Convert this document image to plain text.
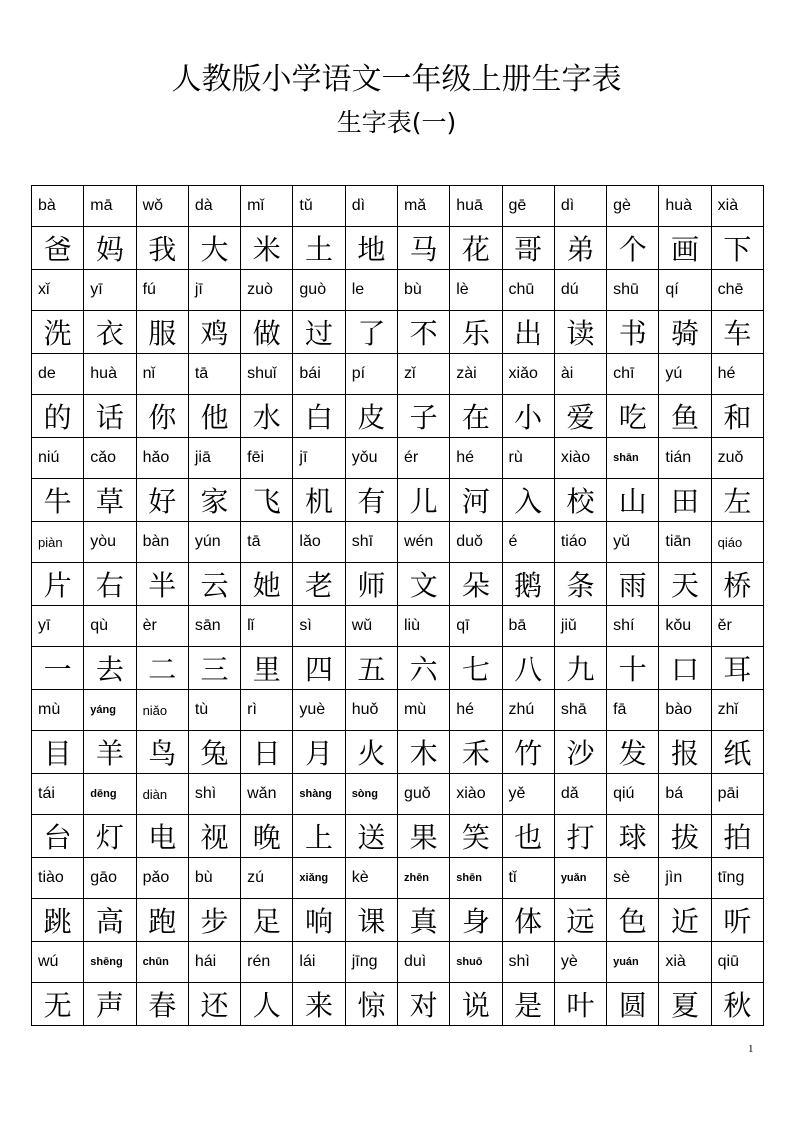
人教版小学语文一年级上册生字表
生字表(一)
bà	mā	wǒ	dà	mǐ	tǔ	dì	mǎ	huā	gē	dì	gè	huà	xià
爸	妈	我	大	米	土	地	马	花	哥	弟	个	画	下
xǐ	yī	fú	jī	zuò	guò	le	bù	lè	chū	dú	shū	qí	chē
洗	衣	服	鸡	做	过	了	不	乐	出	读	书	骑	车
de	huà	nǐ	tā	shuǐ	bái	pí	zǐ	zài	xiǎo	ài	chī	yú	hé
的	话	你	他	水	白	皮	子	在	小	爱	吃	鱼	和
niú	cǎo	hǎo	jiā	fēi	jī	yǒu	ér	hé	rù	xiào	shān	tián	zuǒ
牛	草	好	家	飞	机	有	儿	河	入	校	山	田	左
piàn	yòu	bàn	yún	tā	lǎo	shī	wén	duǒ	é	tiáo	yǔ	tiān	qiáo
片	右	半	云	她	老	师	文	朵	鹅	条	雨	天	桥
yī	qù	èr	sān	lǐ	sì	wǔ	liù	qī	bā	jiǔ	shí	kǒu	ěr
一	去	二	三	里	四	五	六	七	八	九	十	口	耳
mù	yáng	niǎo	tù	rì	yuè	huǒ	mù	hé	zhú	shā	fā	bào	zhǐ
目	羊	鸟	兔	日	月	火	木	禾	竹	沙	发	报	纸
tái	dēng	diàn	shì	wǎn	shàng	sòng	guǒ	xiào	yě	dǎ	qiú	bá	pāi
台	灯	电	视	晚	上	送	果	笑	也	打	球	拔	拍
tiào	gāo	pǎo	bù	zú	xiǎng	kè	zhēn	shēn	tǐ	yuǎn	sè	jìn	tīng
跳	高	跑	步	足	响	课	真	身	体	远	色	近	听
wú	shēng	chūn	hái	rén	lái	jīng	duì	shuō	shì	yè	yuán	xià	qiū
无	声	春	还	人	来	惊	对	说	是	叶	圆	夏	秋
1
